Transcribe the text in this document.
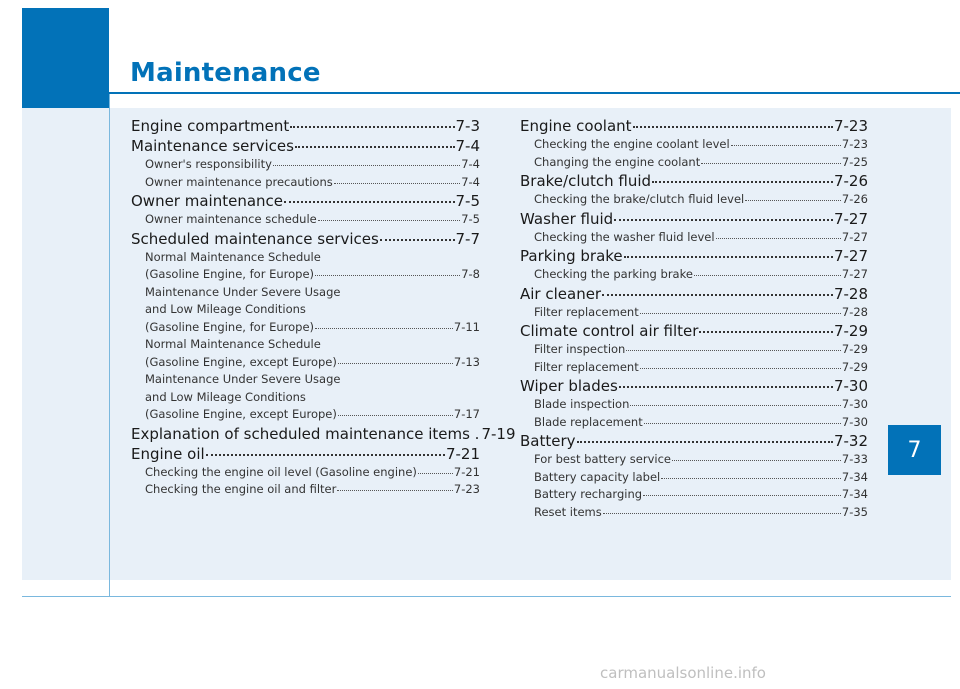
Maintenance
Engine compartment	7-3
Maintenance services	7-4
Owner's responsibility	7-4
Owner maintenance precautions	7-4
Owner maintenance	7-5
Owner maintenance schedule	7-5
Scheduled maintenance services	7-7
Normal Maintenance Schedule
(Gasoline Engine, for Europe)	7-8
Maintenance Under Severe Usage
and Low Mileage Conditions
(Gasoline Engine, for Europe)	7-11
Normal Maintenance Schedule
(Gasoline Engine, except Europe)	7-13
Maintenance Under Severe Usage
and Low Mileage Conditions
(Gasoline Engine, except Europe)	7-17
Explanation of scheduled maintenance items . 7-19
Engine oil	7-21
Checking the engine oil level (Gasoline engine)	7-21
Checking the engine oil and filter	7-23
Engine coolant	7-23
Checking the engine coolant level	7-23
Changing the engine coolant	7-25
Brake/clutch fluid	7-26
Checking the brake/clutch fluid level	7-26
Washer fluid	7-27
Checking the washer fluid level	7-27
Parking brake	7-27
Checking the parking brake	7-27
Air cleaner	7-28
Filter replacement	7-28
Climate control air filter	7-29
Filter inspection	7-29
Filter replacement	7-29
Wiper blades	7-30
Blade inspection	7-30
Blade replacement	7-30
Battery	7-32
For best battery service	7-33
Battery capacity label	7-34
Battery recharging	7-34
Reset items	7-35
7
carmanualsonline.info
